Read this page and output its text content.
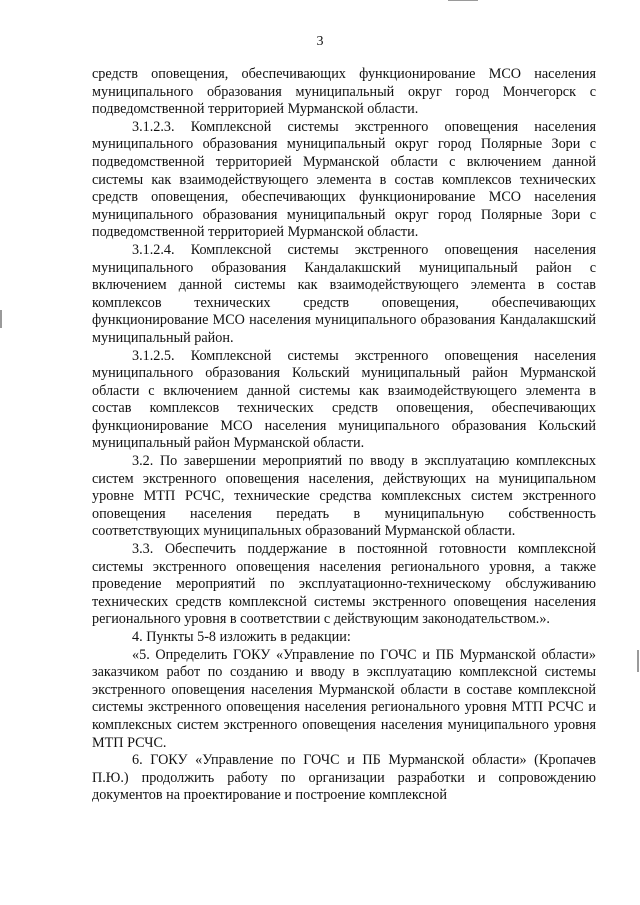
3

средств оповещения, обеспечивающих функционирование МСО населения муниципального образования муниципальный округ город Мончегорск с подведомственной территорией Мурманской области.

3.1.2.3. Комплексной системы экстренного оповещения населения муниципального образования муниципальный округ город Полярные Зори с подведомственной территорией Мурманской области с включением данной системы как взаимодействующего элемента в состав комплексов технических средств оповещения, обеспечивающих функционирование МСО населения муниципального образования муниципальный округ город Полярные Зори с подведомственной территорией Мурманской области.

3.1.2.4. Комплексной системы экстренного оповещения населения муниципального образования Кандалакшский муниципальный район с включением данной системы как взаимодействующего элемента в состав комплексов технических средств оповещения, обеспечивающих функционирование МСО населения муниципального образования Кандалакшский муниципальный район.

3.1.2.5. Комплексной системы экстренного оповещения населения муниципального образования Кольский муниципальный район Мурманской области с включением данной системы как взаимодействующего элемента в состав комплексов технических средств оповещения, обеспечивающих функционирование МСО населения муниципального образования Кольский муниципальный район Мурманской области.

3.2. По завершении мероприятий по вводу в эксплуатацию комплексных систем экстренного оповещения населения, действующих на муниципальном уровне МТП РСЧС, технические средства комплексных систем экстренного оповещения населения передать в муниципальную собственность соответствующих муниципальных образований Мурманской области.

3.3. Обеспечить поддержание в постоянной готовности комплексной системы экстренного оповещения населения регионального уровня, а также проведение мероприятий по эксплуатационно-техническому обслуживанию технических средств комплексной системы экстренного оповещения населения регионального уровня в соответствии с действующим законодательством.».

4. Пункты 5-8 изложить в редакции:

«5. Определить ГОКУ «Управление по ГОЧС и ПБ Мурманской области» заказчиком работ по созданию и вводу в эксплуатацию комплексной системы экстренного оповещения населения Мурманской области в составе комплексной системы экстренного оповещения населения регионального уровня МТП РСЧС и комплексных систем экстренного оповещения населения муниципального уровня МТП РСЧС.

6. ГОКУ «Управление по ГОЧС и ПБ Мурманской области» (Кропачев П.Ю.) продолжить работу по организации разработки и сопровождению документов на проектирование и построение комплексной
